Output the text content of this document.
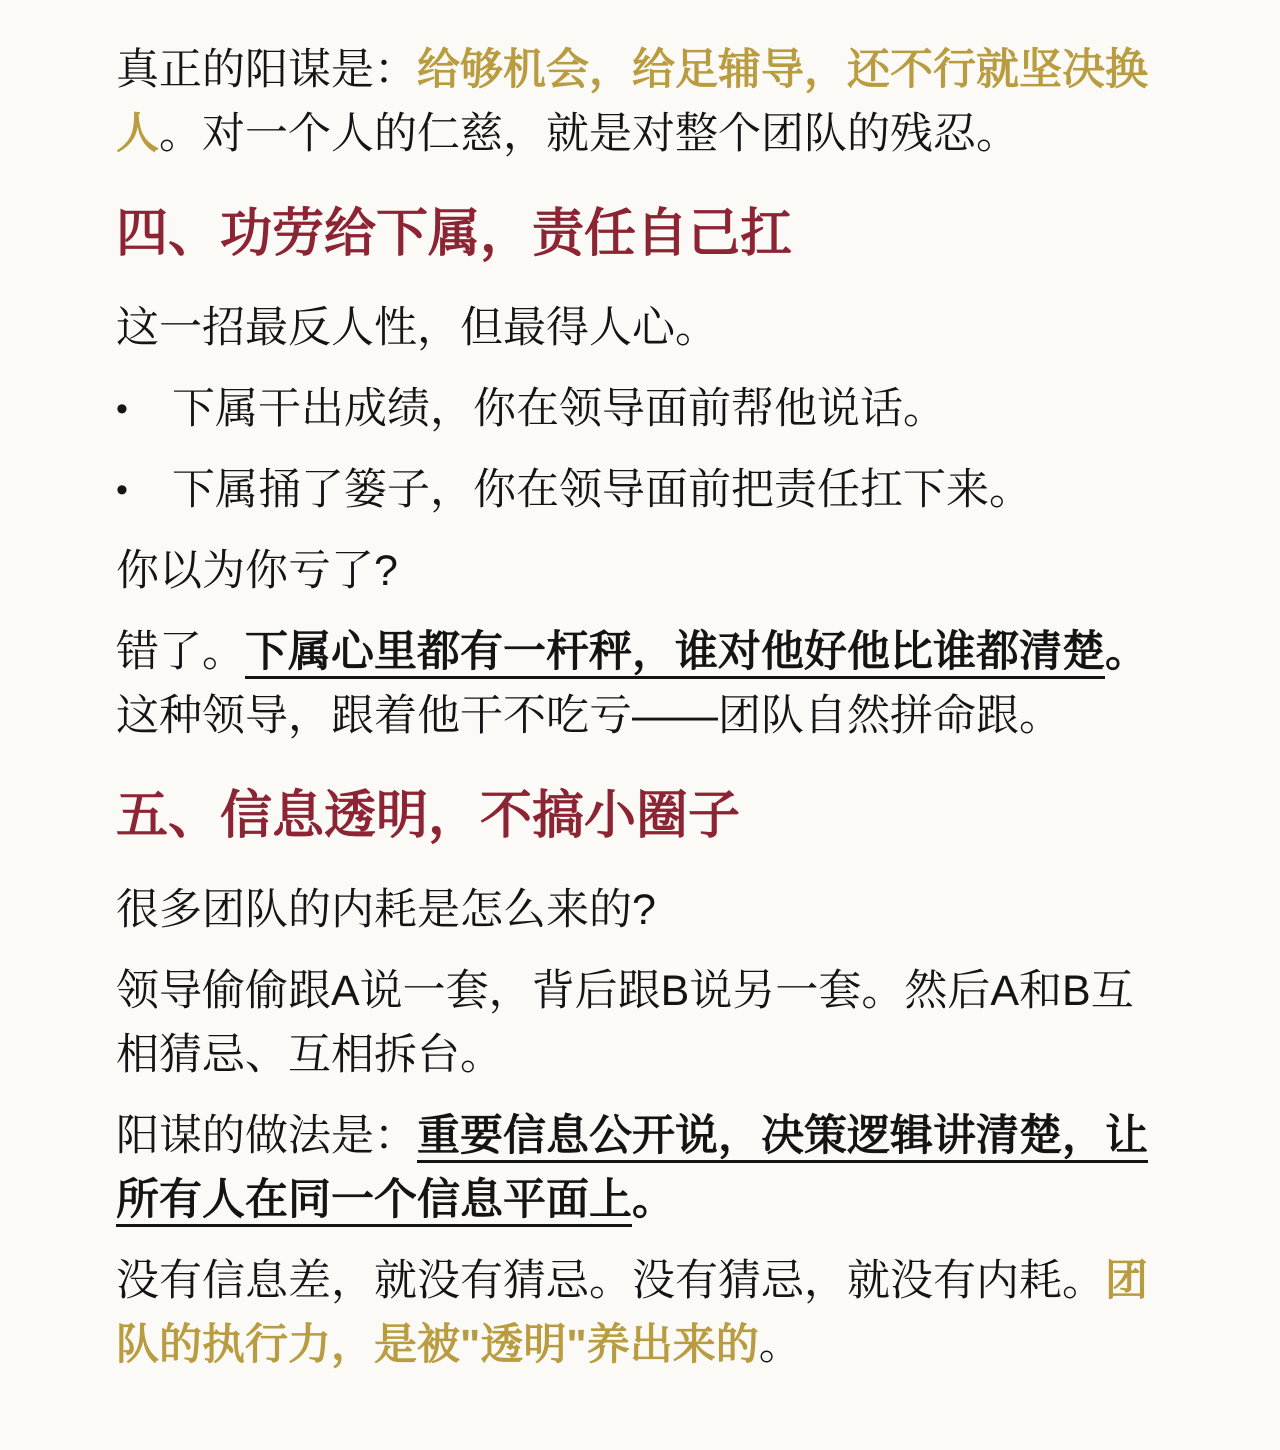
真正的阳谋是：给够机会，给足辅导，还不行就坚决换人。对一个人的仁慈，就是对整个团队的残忍。

四、功劳给下属，责任自己扛

这一招最反人性，但最得人心。

•	下属干出成绩，你在领导面前帮他说话。
•	下属捅了篓子，你在领导面前把责任扛下来。

你以为你亏了?

错了。下属心里都有一杆秤，谁对他好他比谁都清楚。这种领导，跟着他干不吃亏——团队自然拼命跟。

五、信息透明，不搞小圈子

很多团队的内耗是怎么来的?

领导偷偷跟A说一套，背后跟B说另一套。然后A和B互相猜忌、互相拆台。

阳谋的做法是：重要信息公开说，决策逻辑讲清楚，让所有人在同一个信息平面上。

没有信息差，就没有猜忌。没有猜忌，就没有内耗。团队的执行力，是被"透明"养出来的。
